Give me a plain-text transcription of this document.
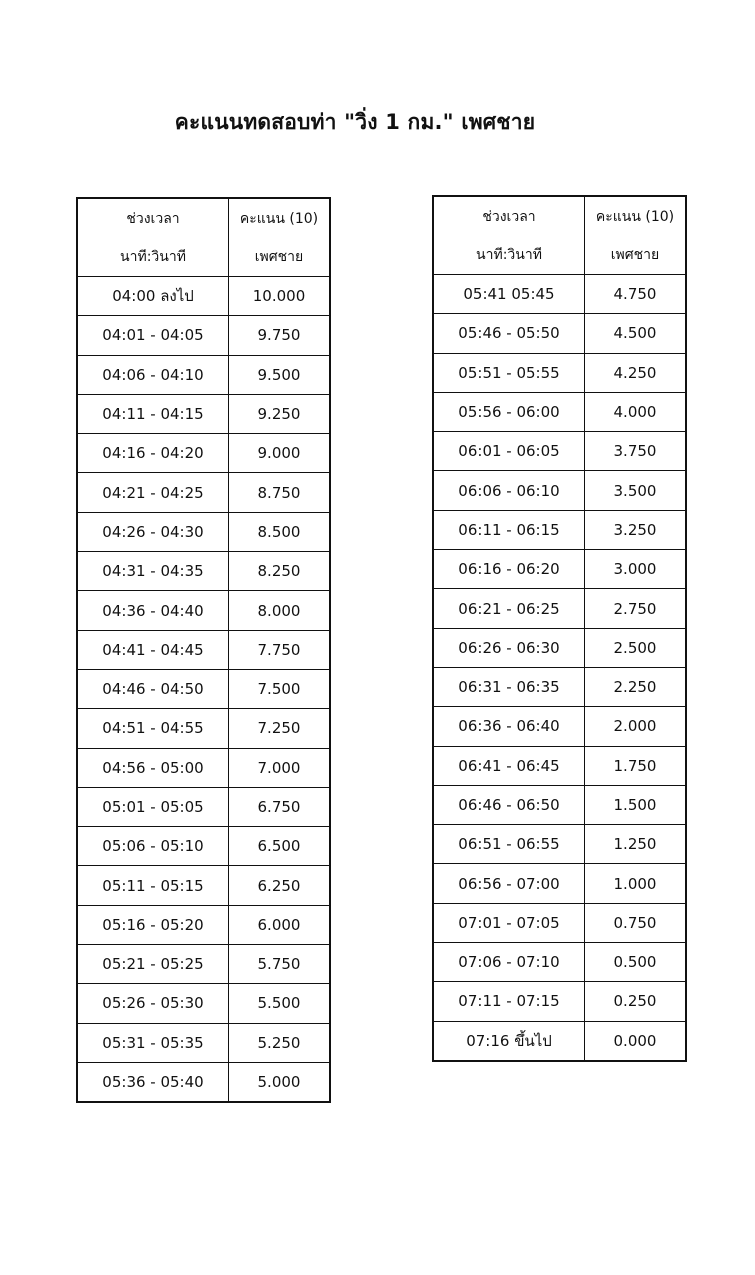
คะแนนทดสอบท่า "วิ่ง 1 กม." เพศชาย
ช่วงเวลา
นาที:วินาที

คะแนน (10)
เพศชาย

04:00 ลงไป	10.000
04:01 - 04:05	9.750
04:06 - 04:10	9.500
04:11 - 04:15	9.250
04:16 - 04:20	9.000
04:21 - 04:25	8.750
04:26 - 04:30	8.500
04:31 - 04:35	8.250
04:36 - 04:40	8.000
04:41 - 04:45	7.750
04:46 - 04:50	7.500
04:51 - 04:55	7.250
04:56 - 05:00	7.000
05:01 - 05:05	6.750
05:06 - 05:10	6.500
05:11 - 05:15	6.250
05:16 - 05:20	6.000
05:21 - 05:25	5.750
05:26 - 05:30	5.500
05:31 - 05:35	5.250
05:36 - 05:40	5.000
ช่วงเวลา
นาที:วินาที

คะแนน (10)
เพศชาย

05:41 05:45	4.750
05:46 - 05:50	4.500
05:51 - 05:55	4.250
05:56 - 06:00	4.000
06:01 - 06:05	3.750
06:06 - 06:10	3.500
06:11 - 06:15	3.250
06:16 - 06:20	3.000
06:21 - 06:25	2.750
06:26 - 06:30	2.500
06:31 - 06:35	2.250
06:36 - 06:40	2.000
06:41 - 06:45	1.750
06:46 - 06:50	1.500
06:51 - 06:55	1.250
06:56 - 07:00	1.000
07:01 - 07:05	0.750
07:06 - 07:10	0.500
07:11 - 07:15	0.250
07:16 ขึ้นไป	0.000
